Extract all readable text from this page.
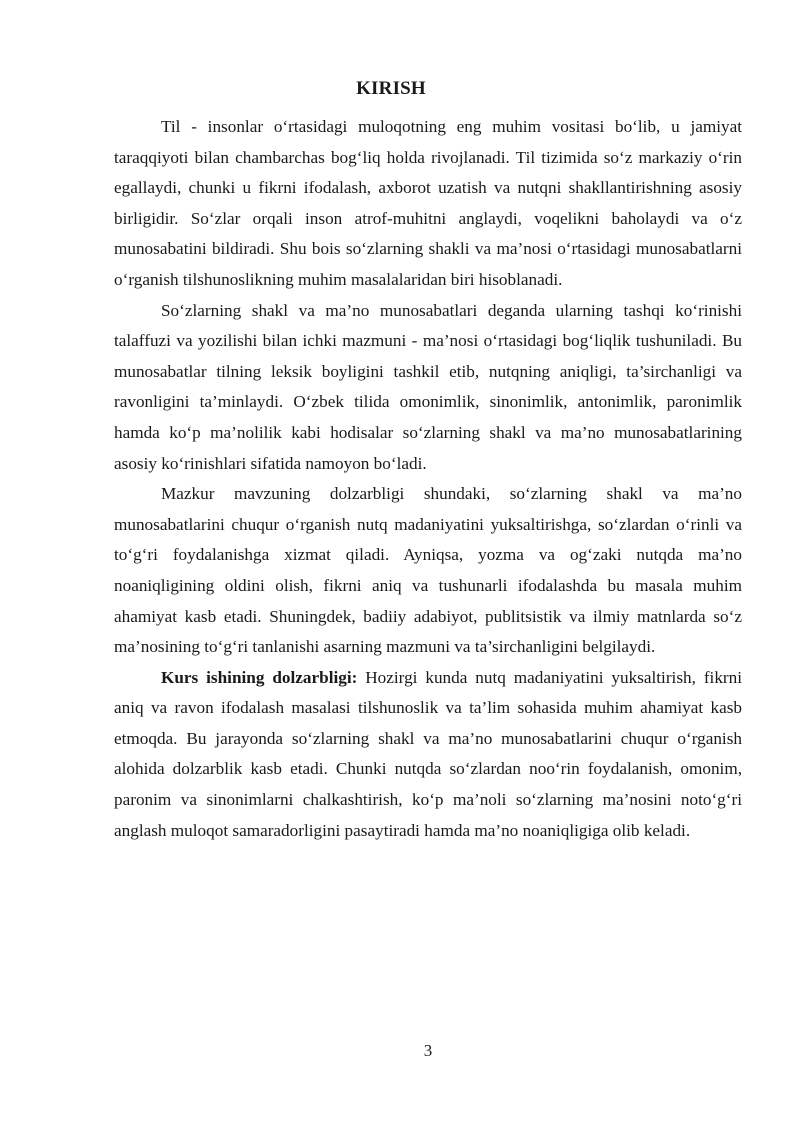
KIRISH

Til - insonlar o‘rtasidagi muloqotning eng muhim vositasi bo‘lib, u jamiyat taraqqiyoti bilan chambarchas bog‘liq holda rivojlanadi. Til tizimida so‘z markaziy o‘rin egallaydi, chunki u fikrni ifodalash, axborot uzatish va nutqni shakllantirishning asosiy birligidir. So‘zlar orqali inson atrof-muhitni anglaydi, voqelikni baholaydi va o‘z munosabatini bildiradi. Shu bois so‘zlarning shakli va ma’nosi o‘rtasidagi munosabatlarni o‘rganish tilshunoslikning muhim masalalaridan biri hisoblanadi.

So‘zlarning shakl va ma’no munosabatlari deganda ularning tashqi ko‘rinishi talaffuzi va yozilishi bilan ichki mazmuni - ma’nosi o‘rtasidagi bog‘liqlik tushuniladi. Bu munosabatlar tilning leksik boyligini tashkil etib, nutqning aniqligi, ta’sirchanligi va ravonligini ta’minlaydi. O‘zbek tilida omonimlik, sinonimlik, antonimlik, paronimlik hamda ko‘p ma’nolilik kabi hodisalar so‘zlarning shakl va ma’no munosabatlarining asosiy ko‘rinishlari sifatida namoyon bo‘ladi.

Mazkur mavzuning dolzarbligi shundaki, so‘zlarning shakl va ma’no munosabatlarini chuqur o‘rganish nutq madaniyatini yuksaltirishga, so‘zlardan o‘rinli va to‘g‘ri foydalanishga xizmat qiladi. Ayniqsa, yozma va og‘zaki nutqda ma’no noaniqligining oldini olish, fikrni aniq va tushunarli ifodalashda bu masala muhim ahamiyat kasb etadi. Shuningdek, badiiy adabiyot, publitsistik va ilmiy matnlarda so‘z ma’nosining to‘g‘ri tanlanishi asarning mazmuni va ta’sirchanligini belgilaydi.

Kurs ishining dolzarbligi: Hozirgi kunda nutq madaniyatini yuksaltirish, fikrni aniq va ravon ifodalash masalasi tilshunoslik va ta’lim sohasida muhim ahamiyat kasb etmoqda. Bu jarayonda so‘zlarning shakl va ma’no munosabatlarini chuqur o‘rganish alohida dolzarblik kasb etadi. Chunki nutqda so‘zlardan noo‘rin foydalanish, omonim, paronim va sinonimlarni chalkashtirish, ko‘p ma’noli so‘zlarning ma’nosini noto‘g‘ri anglash muloqot samaradorligini pasaytiradi hamda ma’no noaniqligiga olib keladi.

3
